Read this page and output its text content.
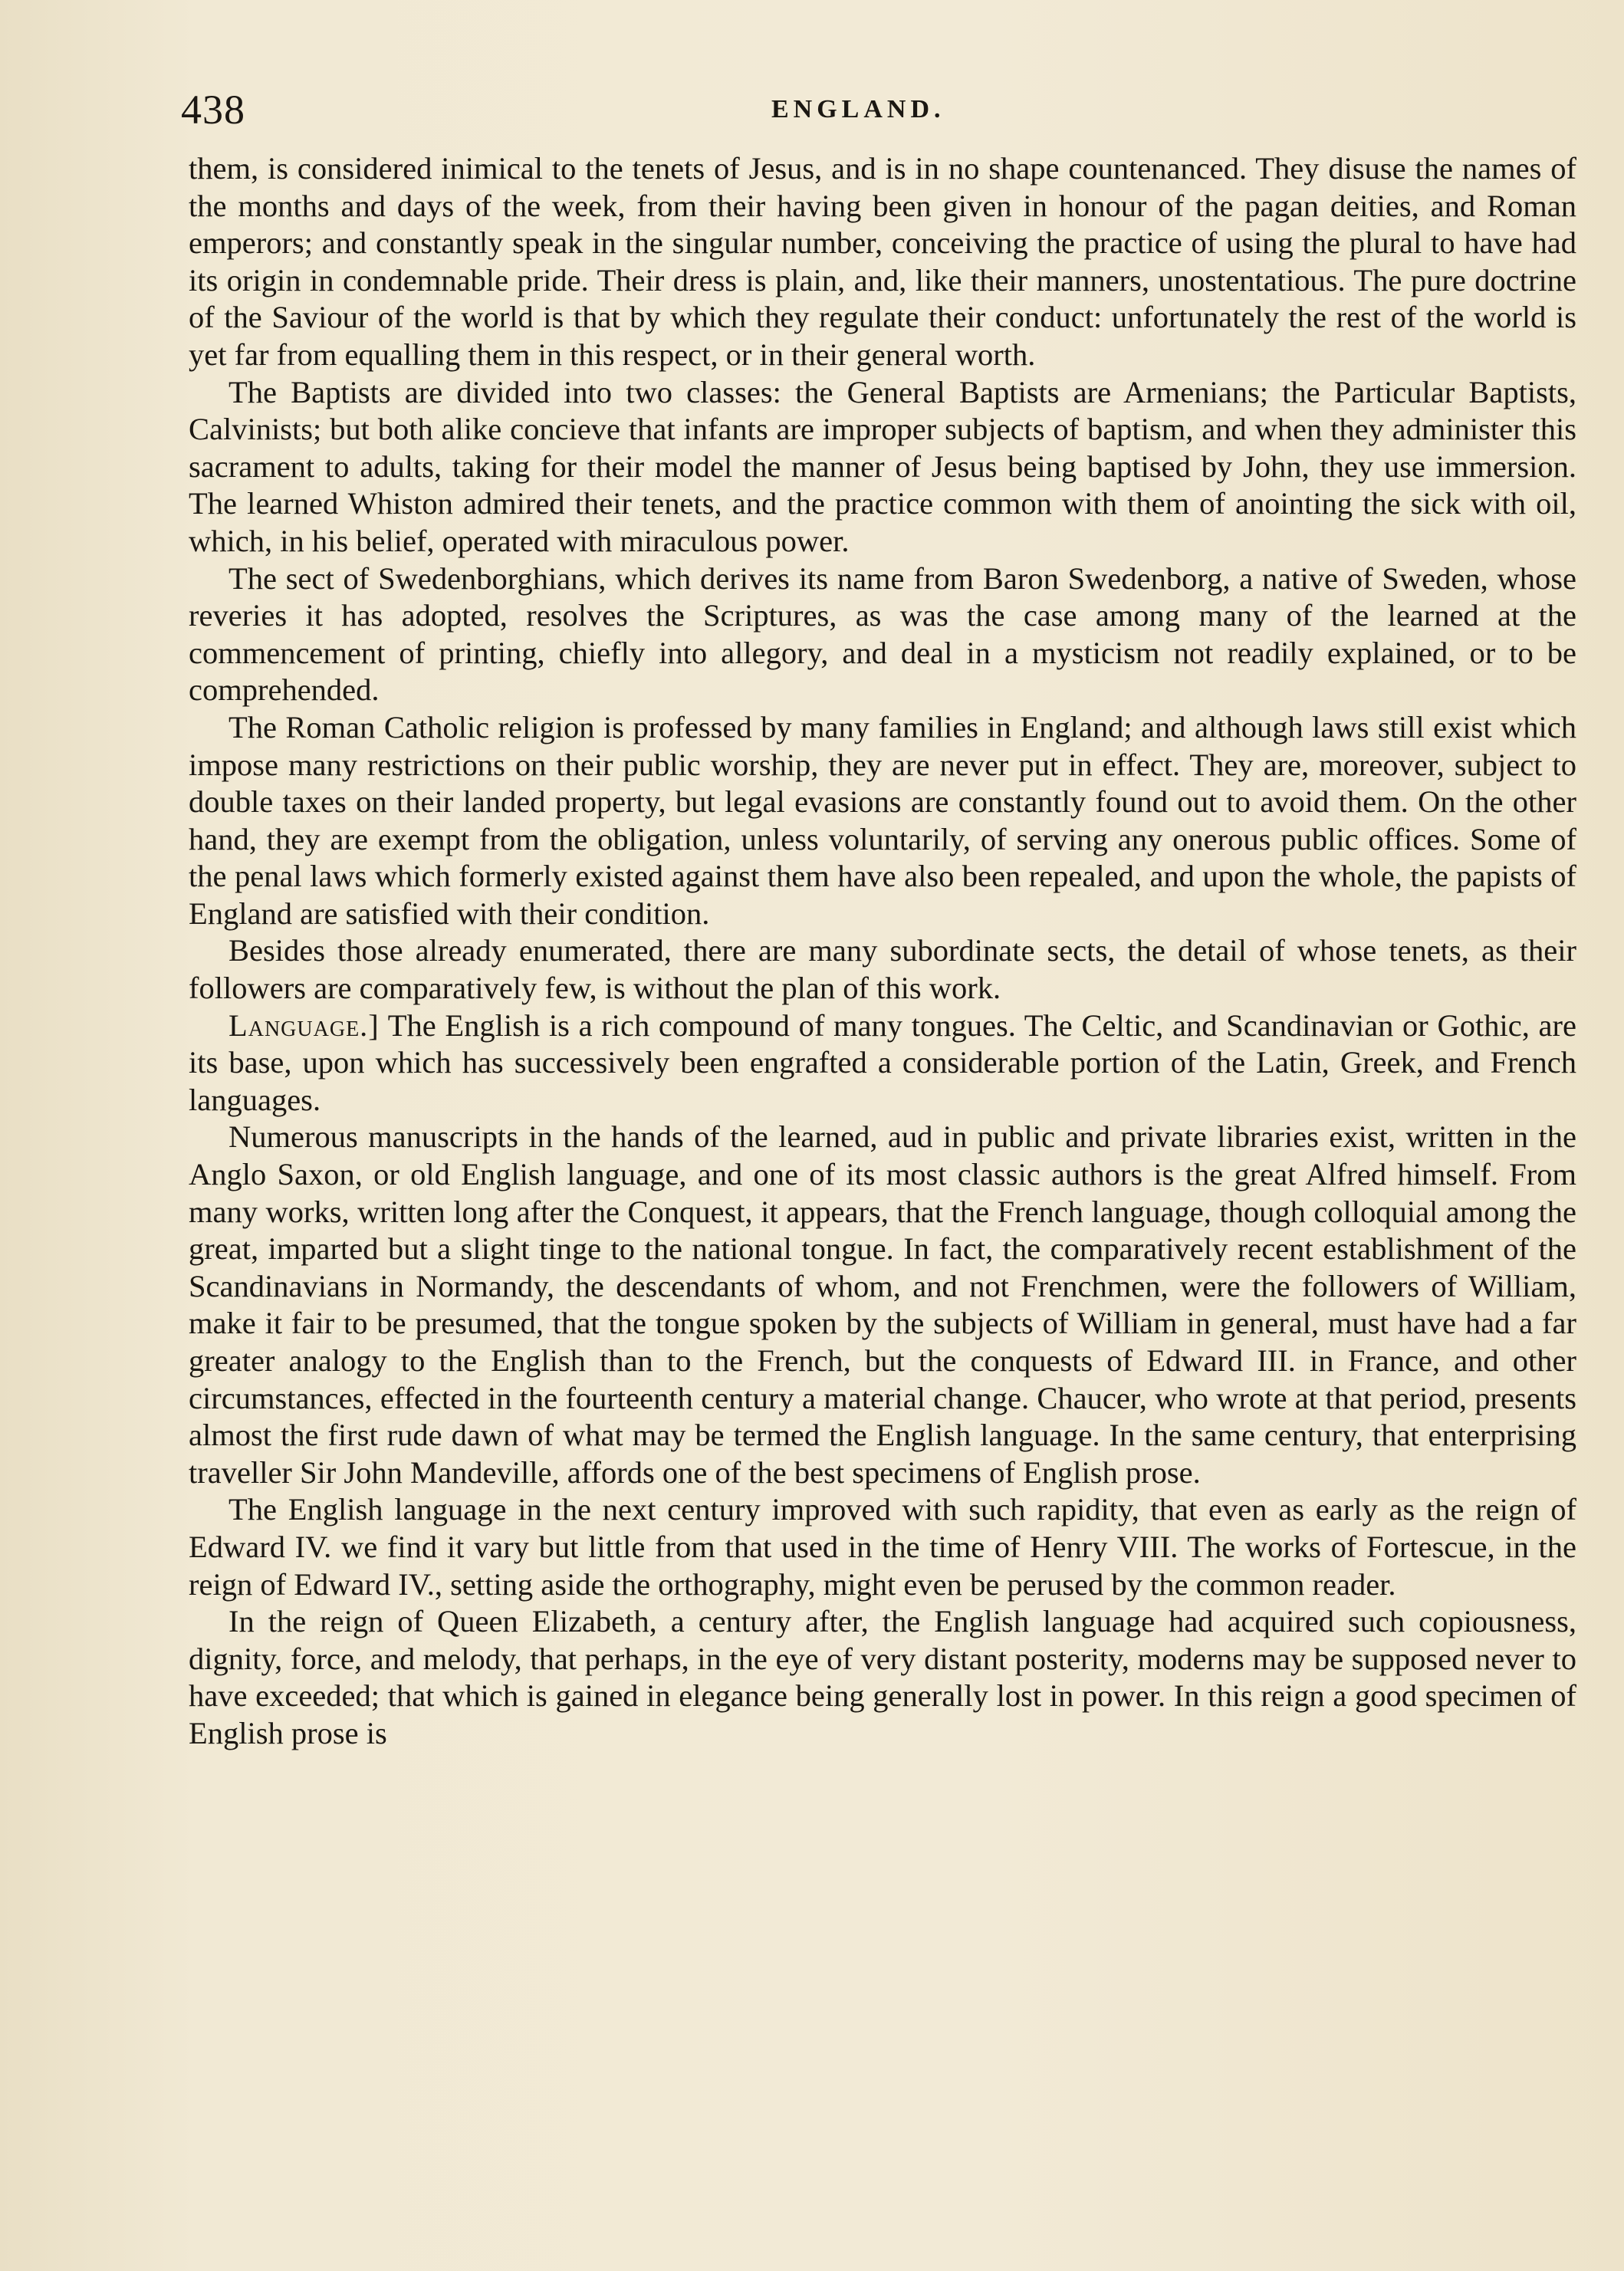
438	ENGLAND.

them, is considered inimical to the tenets of Jesus, and is in no shape countenanced. They disuse the names of the months and days of the week, from their having been given in honour of the pagan deities, and Roman emperors; and constantly speak in the singular number, conceiving the practice of using the plural to have had its origin in condemnable pride. Their dress is plain, and, like their manners, unostentatious. The pure doctrine of the Saviour of the world is that by which they regulate their conduct: unfortunately the rest of the world is yet far from equalling them in this respect, or in their general worth.

The Baptists are divided into two classes: the General Baptists are Armenians; the Particular Baptists, Calvinists; but both alike concieve that infants are improper subjects of baptism, and when they administer this sacrament to adults, taking for their model the manner of Jesus being baptised by John, they use immersion. The learned Whiston admired their tenets, and the practice common with them of anointing the sick with oil, which, in his belief, operated with miraculous power.

The sect of Swedenborghians, which derives its name from Baron Swedenborg, a native of Sweden, whose reveries it has adopted, resolves the Scriptures, as was the case among many of the learned at the commencement of printing, chiefly into allegory, and deal in a mysticism not readily explained, or to be comprehended.

The Roman Catholic religion is professed by many families in England; and although laws still exist which impose many restrictions on their public worship, they are never put in effect. They are, moreover, subject to double taxes on their landed property, but legal evasions are constantly found out to avoid them. On the other hand, they are exempt from the obligation, unless voluntarily, of serving any onerous public offices. Some of the penal laws which formerly existed against them have also been repealed, and upon the whole, the papists of England are satisfied with their condition.

Besides those already enumerated, there are many subordinate sects, the detail of whose tenets, as their followers are comparatively few, is without the plan of this work.

Language.] The English is a rich compound of many tongues. The Celtic, and Scandinavian or Gothic, are its base, upon which has successively been engrafted a considerable portion of the Latin, Greek, and French languages.

Numerous manuscripts in the hands of the learned, aud in public and private libraries exist, written in the Anglo Saxon, or old English language, and one of its most classic authors is the great Alfred himself. From many works, written long after the Conquest, it appears, that the French language, though colloquial among the great, imparted but a slight tinge to the national tongue. In fact, the comparatively recent establishment of the Scandinavians in Normandy, the descendants of whom, and not Frenchmen, were the followers of William, make it fair to be presumed, that the tongue spoken by the subjects of William in general, must have had a far greater analogy to the English than to the French, but the conquests of Edward III. in France, and other circumstances, effected in the fourteenth century a material change. Chaucer, who wrote at that period, presents almost the first rude dawn of what may be termed the English language. In the same century, that enterprising traveller Sir John Mandeville, affords one of the best specimens of English prose.

The English language in the next century improved with such rapidity, that even as early as the reign of Edward IV. we find it vary but little from that used in the time of Henry VIII. The works of Fortescue, in the reign of Edward IV., setting aside the orthography, might even be perused by the common reader.

In the reign of Queen Elizabeth, a century after, the English language had acquired such copiousness, dignity, force, and melody, that perhaps, in the eye of very distant posterity, moderns may be supposed never to have exceeded; that which is gained in elegance being generally lost in power. In this reign a good specimen of English prose is
